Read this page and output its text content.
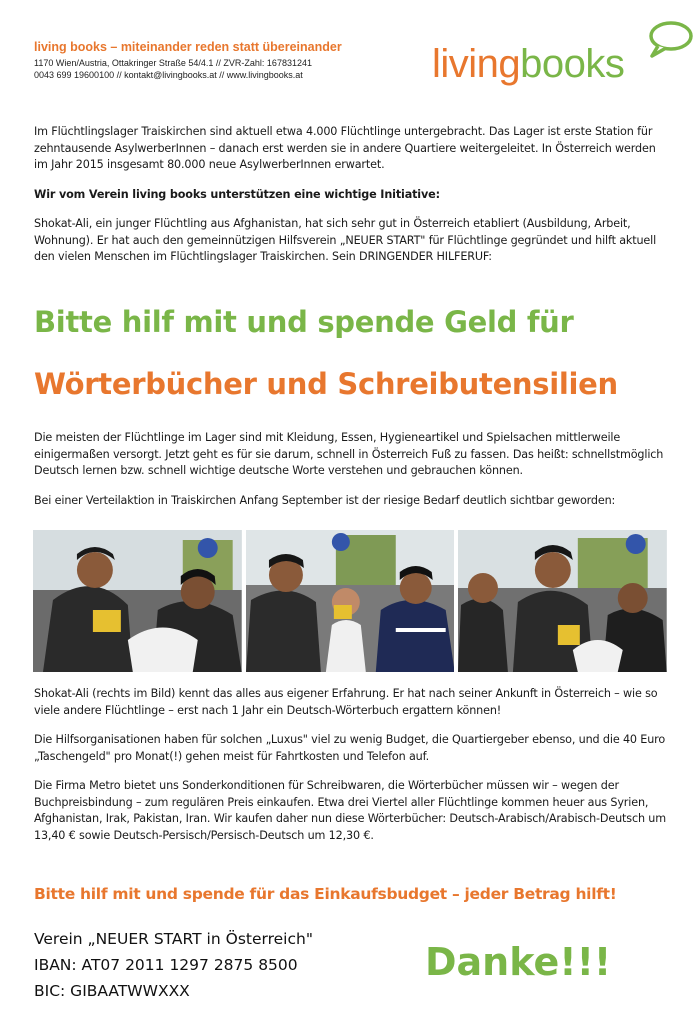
living books – miteinander reden statt übereinander
1170 Wien/Austria, Ottakringer Straße 54/4.1 // ZVR-Zahl: 167831241
0043 699 19600100 // kontakt@livingbooks.at // www.livingbooks.at	livingbooks

Im Flüchtlingslager Traiskirchen sind aktuell etwa 4.000 Flüchtlinge untergebracht. Das Lager ist erste Station für zehntausende AsylwerberInnen – danach erst werden sie in andere Quartiere weitergeleitet. In Österreich werden im Jahr 2015 insgesamt 80.000 neue AsylwerberInnen erwartet.

Wir vom Verein living books unterstützen eine wichtige Initiative:

Shokat-Ali, ein junger Flüchtling aus Afghanistan, hat sich sehr gut in Österreich etabliert (Ausbildung, Arbeit, Wohnung). Er hat auch den gemeinnützigen Hilfsverein „NEUER START" für Flüchtlinge gegründet und hilft aktuell den vielen Menschen im Flüchtlingslager Traiskirchen. Sein DRINGENDER HILFERUF:

Bitte hilf mit und spende Geld für
Wörterbücher und Schreibutensilien

Die meisten der Flüchtlinge im Lager sind mit Kleidung, Essen, Hygieneartikel und Spielsachen mittlerweile einigermaßen versorgt. Jetzt geht es für sie darum, schnell in Österreich Fuß zu fassen. Das heißt: schnellstmöglich Deutsch lernen bzw. schnell wichtige deutsche Worte verstehen und gebrauchen können.

Bei einer Verteilaktion in Traiskirchen Anfang September ist der riesige Bedarf deutlich sichtbar geworden:

Shokat-Ali (rechts im Bild) kennt das alles aus eigener Erfahrung. Er hat nach seiner Ankunft in Österreich – wie so viele andere Flüchtlinge – erst nach 1 Jahr ein Deutsch-Wörterbuch ergattern können!

Die Hilfsorganisationen haben für solchen „Luxus" viel zu wenig Budget, die Quartiergeber ebenso, und die 40 Euro „Taschengeld" pro Monat(!) gehen meist für Fahrtkosten und Telefon auf.

Die Firma Metro bietet uns Sonderkonditionen für Schreibwaren, die Wörterbücher müssen wir – wegen der Buchpreisbindung – zum regulären Preis einkaufen. Etwa drei Viertel aller Flüchtlinge kommen heuer aus Syrien, Afghanistan, Irak, Pakistan, Iran. Wir kaufen daher nun diese Wörterbücher: Deutsch-Arabisch/Arabisch-Deutsch um 13,40 € sowie Deutsch-Persisch/Persisch-Deutsch um 12,30 €.

Bitte hilf mit und spende für das Einkaufsbudget – jeder Betrag hilft!
Verein „NEUER START in Österreich"
IBAN: AT07 2011 1297 2875 8500
BIC: GIBAATWWXXX
Danke!!!
